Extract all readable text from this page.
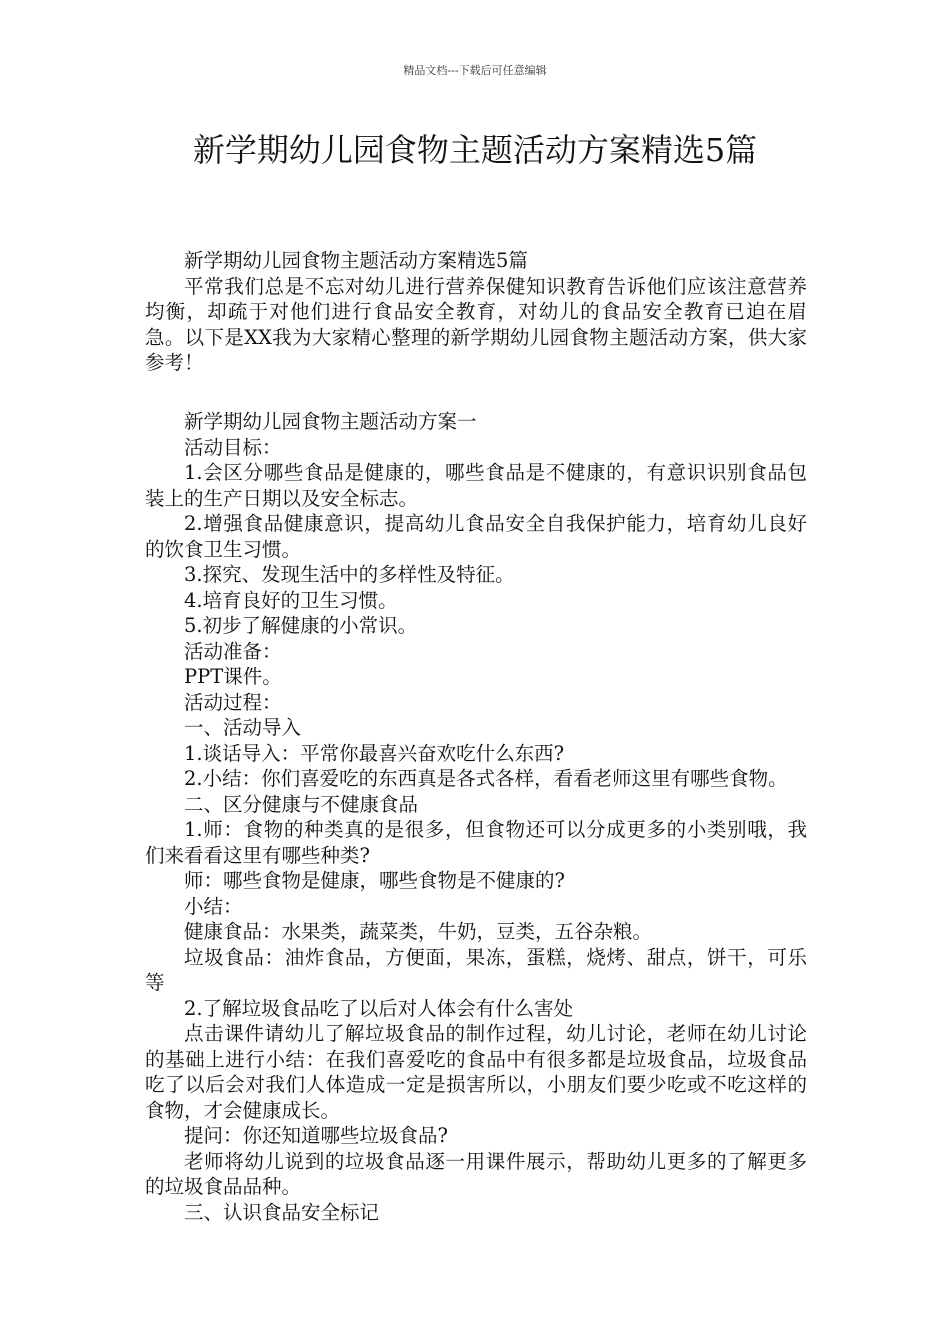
精品文档---下载后可任意编辑
新学期幼儿园食物主题活动方案精选5篇

新学期幼儿园食物主题活动方案精选5篇

平常我们总是不忘对幼儿进行营养保健知识教育告诉他们应该注意营养均衡，却疏于对他们进行食品安全教育，对幼儿的食品安全教育已迫在眉急。以下是XX我为大家精心整理的新学期幼儿园食物主题活动方案，供大家参考！

新学期幼儿园食物主题活动方案一

活动目标：

1.会区分哪些食品是健康的，哪些食品是不健康的，有意识识别食品包装上的生产日期以及安全标志。

2.增强食品健康意识，提高幼儿食品安全自我保护能力，培育幼儿良好的饮食卫生习惯。

3.探究、发现生活中的多样性及特征。

4.培育良好的卫生习惯。

5.初步了解健康的小常识。

活动准备：

PPT课件。

活动过程：

一、活动导入

1.谈话导入：平常你最喜兴奋欢吃什么东西?

2.小结：你们喜爱吃的东西真是各式各样，看看老师这里有哪些食物。

二、区分健康与不健康食品

1.师：食物的种类真的是很多，但食物还可以分成更多的小类别哦，我们来看看这里有哪些种类?

师：哪些食物是健康，哪些食物是不健康的?

小结：

健康食品：水果类，蔬菜类，牛奶，豆类，五谷杂粮。

垃圾食品：油炸食品，方便面，果冻，蛋糕，烧烤、甜点，饼干，可乐等

2.了解垃圾食品吃了以后对人体会有什么害处

点击课件请幼儿了解垃圾食品的制作过程，幼儿讨论，老师在幼儿讨论的基础上进行小结：在我们喜爱吃的食品中有很多都是垃圾食品，垃圾食品吃了以后会对我们人体造成一定是损害所以，小朋友们要少吃或不吃这样的食物，才会健康成长。

提问：你还知道哪些垃圾食品?

老师将幼儿说到的垃圾食品逐一用课件展示，帮助幼儿更多的了解更多的垃圾食品品种。

三、认识食品安全标记
